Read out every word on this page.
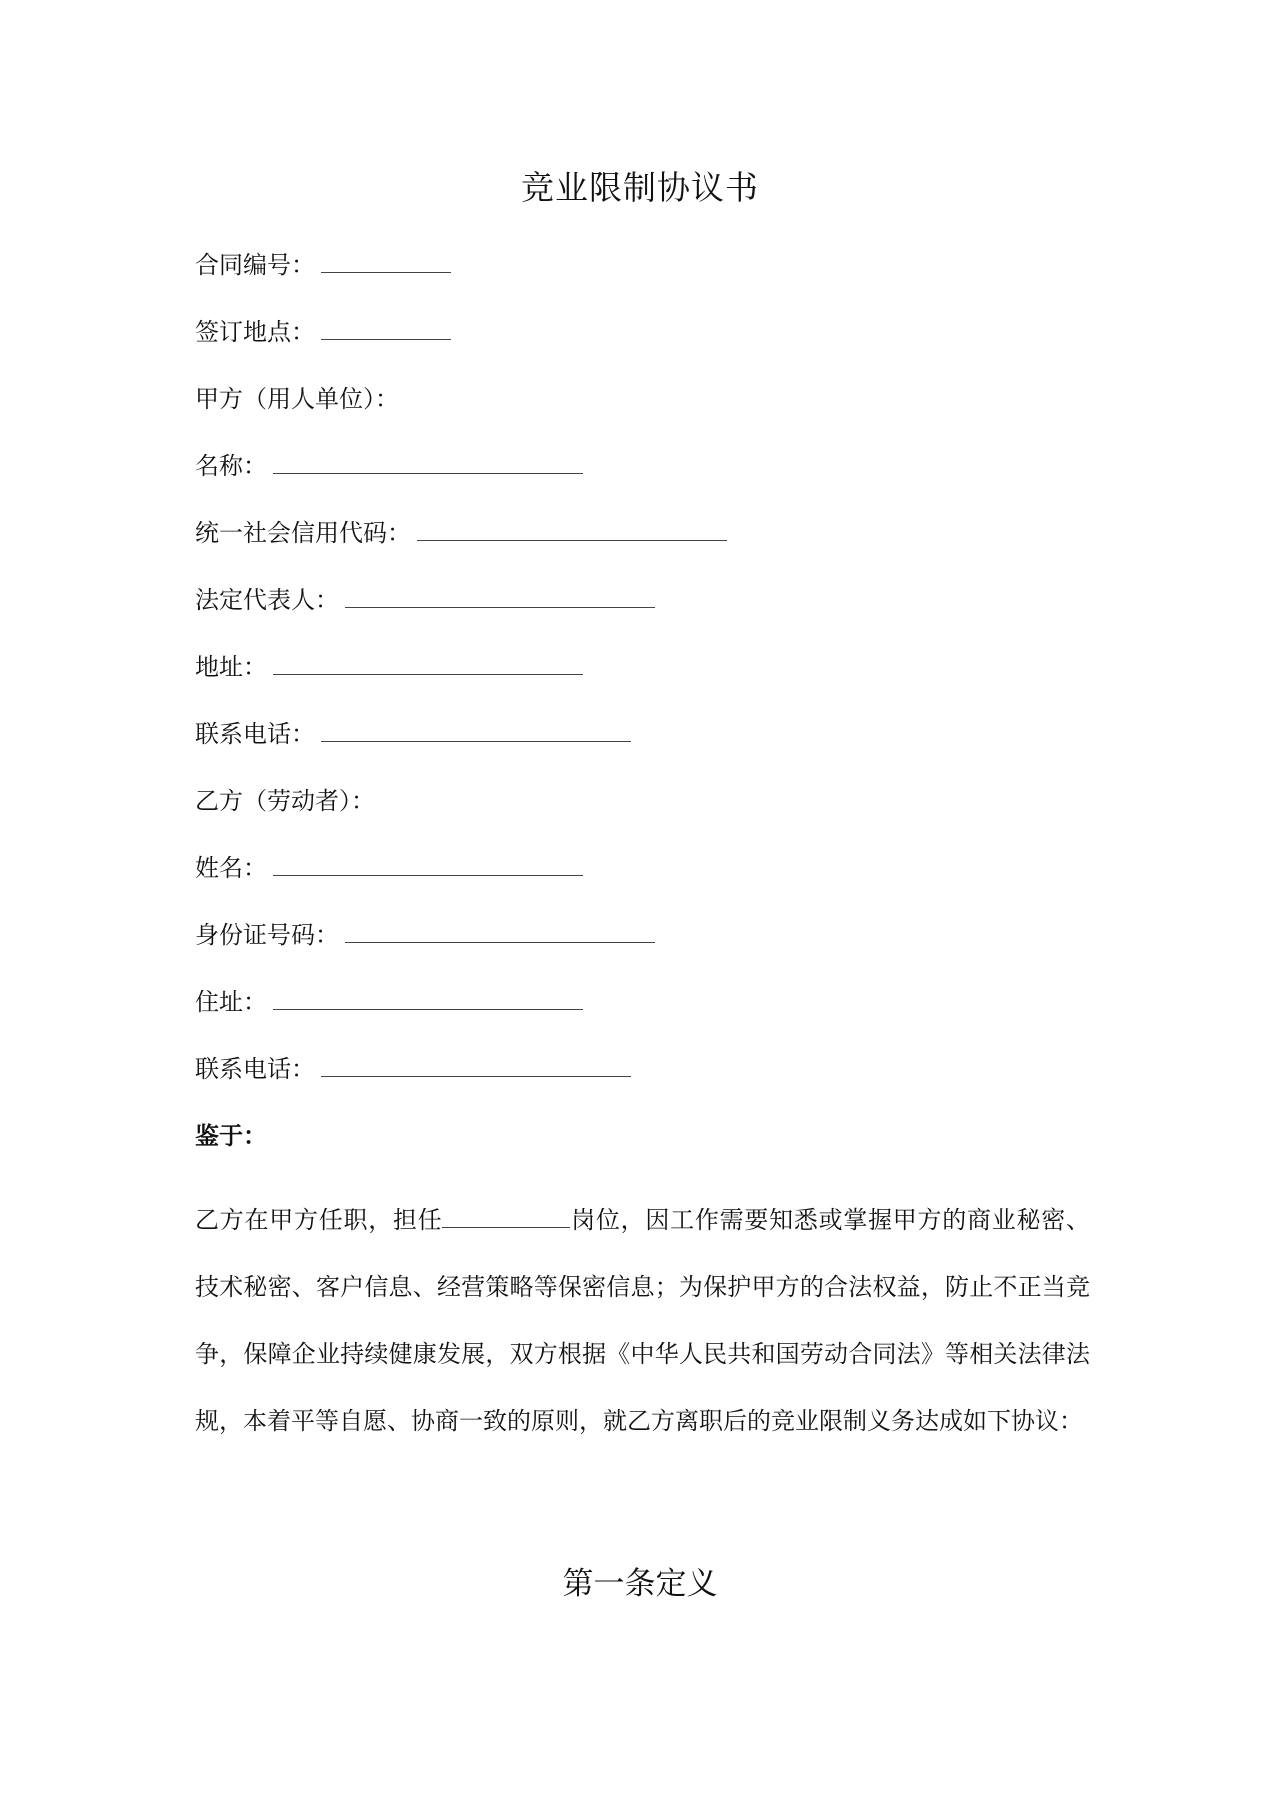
竞业限制协议书
合同编号：
签订地点：
甲方（用人单位）：
名称：
统一社会信用代码：
法定代表人：
地址：
联系电话：
乙方（劳动者）：
姓名：
身份证号码：
住址：
联系电话：
鉴于：
乙方在甲方任职，担任	岗位，因工作需要知悉或掌握甲方的商业秘密、技术秘密、客户信息、经营策略等保密信息；为保护甲方的合法权益，防止不正当竞争，保障企业持续健康发展，双方根据《中华人民共和国劳动合同法》等相关法律法规，本着平等自愿、协商一致的原则，就乙方离职后的竞业限制义务达成如下协议：
第一条定义
